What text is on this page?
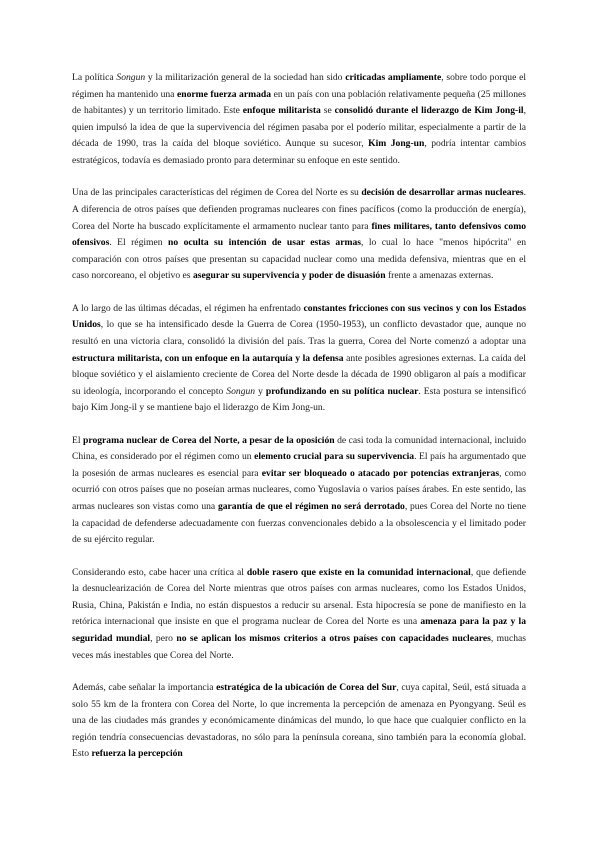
La política Songun y la militarización general de la sociedad han sido criticadas ampliamente, sobre todo porque el régimen ha mantenido una enorme fuerza armada en un país con una población relativamente pequeña (25 millones de habitantes) y un territorio limitado. Este enfoque militarista se consolidó durante el liderazgo de Kim Jong-il, quien impulsó la idea de que la supervivencia del régimen pasaba por el poderío militar, especialmente a partir de la década de 1990, tras la caída del bloque soviético. Aunque su sucesor, Kim Jong-un, podría intentar cambios estratégicos, todavía es demasiado pronto para determinar su enfoque en este sentido.

Una de las principales características del régimen de Corea del Norte es su decisión de desarrollar armas nucleares. A diferencia de otros países que defienden programas nucleares con fines pacíficos (como la producción de energía), Corea del Norte ha buscado explícitamente el armamento nuclear tanto para fines militares, tanto defensivos como ofensivos. El régimen no oculta su intención de usar estas armas, lo cual lo hace "menos hipócrita" en comparación con otros países que presentan su capacidad nuclear como una medida defensiva, mientras que en el caso norcoreano, el objetivo es asegurar su supervivencia y poder de disuasión frente a amenazas externas.

A lo largo de las últimas décadas, el régimen ha enfrentado constantes fricciones con sus vecinos y con los Estados Unidos, lo que se ha intensificado desde la Guerra de Corea (1950-1953), un conflicto devastador que, aunque no resultó en una victoria clara, consolidó la división del país. Tras la guerra, Corea del Norte comenzó a adoptar una estructura militarista, con un enfoque en la autarquía y la defensa ante posibles agresiones externas. La caída del bloque soviético y el aislamiento creciente de Corea del Norte desde la década de 1990 obligaron al país a modificar su ideología, incorporando el concepto Songun y profundizando en su política nuclear. Esta postura se intensificó bajo Kim Jong-il y se mantiene bajo el liderazgo de Kim Jong-un.

El programa nuclear de Corea del Norte, a pesar de la oposición de casi toda la comunidad internacional, incluido China, es considerado por el régimen como un elemento crucial para su supervivencia. El país ha argumentado que la posesión de armas nucleares es esencial para evitar ser bloqueado o atacado por potencias extranjeras, como ocurrió con otros países que no poseían armas nucleares, como Yugoslavia o varios países árabes. En este sentido, las armas nucleares son vistas como una garantía de que el régimen no será derrotado, pues Corea del Norte no tiene la capacidad de defenderse adecuadamente con fuerzas convencionales debido a la obsolescencia y el limitado poder de su ejército regular.

Considerando esto, cabe hacer una crítica al doble rasero que existe en la comunidad internacional, que defiende la desnuclearización de Corea del Norte mientras que otros países con armas nucleares, como los Estados Unidos, Rusia, China, Pakistán e India, no están dispuestos a reducir su arsenal. Esta hipocresía se pone de manifiesto en la retórica internacional que insiste en que el programa nuclear de Corea del Norte es una amenaza para la paz y la seguridad mundial, pero no se aplican los mismos criterios a otros países con capacidades nucleares, muchas veces más inestables que Corea del Norte.

Además, cabe señalar la importancia estratégica de la ubicación de Corea del Sur, cuya capital, Seúl, está situada a solo 55 km de la frontera con Corea del Norte, lo que incrementa la percepción de amenaza en Pyongyang. Seúl es una de las ciudades más grandes y económicamente dinámicas del mundo, lo que hace que cualquier conflicto en la región tendría consecuencias devastadoras, no sólo para la península coreana, sino también para la economía global. Esto refuerza la percepción
